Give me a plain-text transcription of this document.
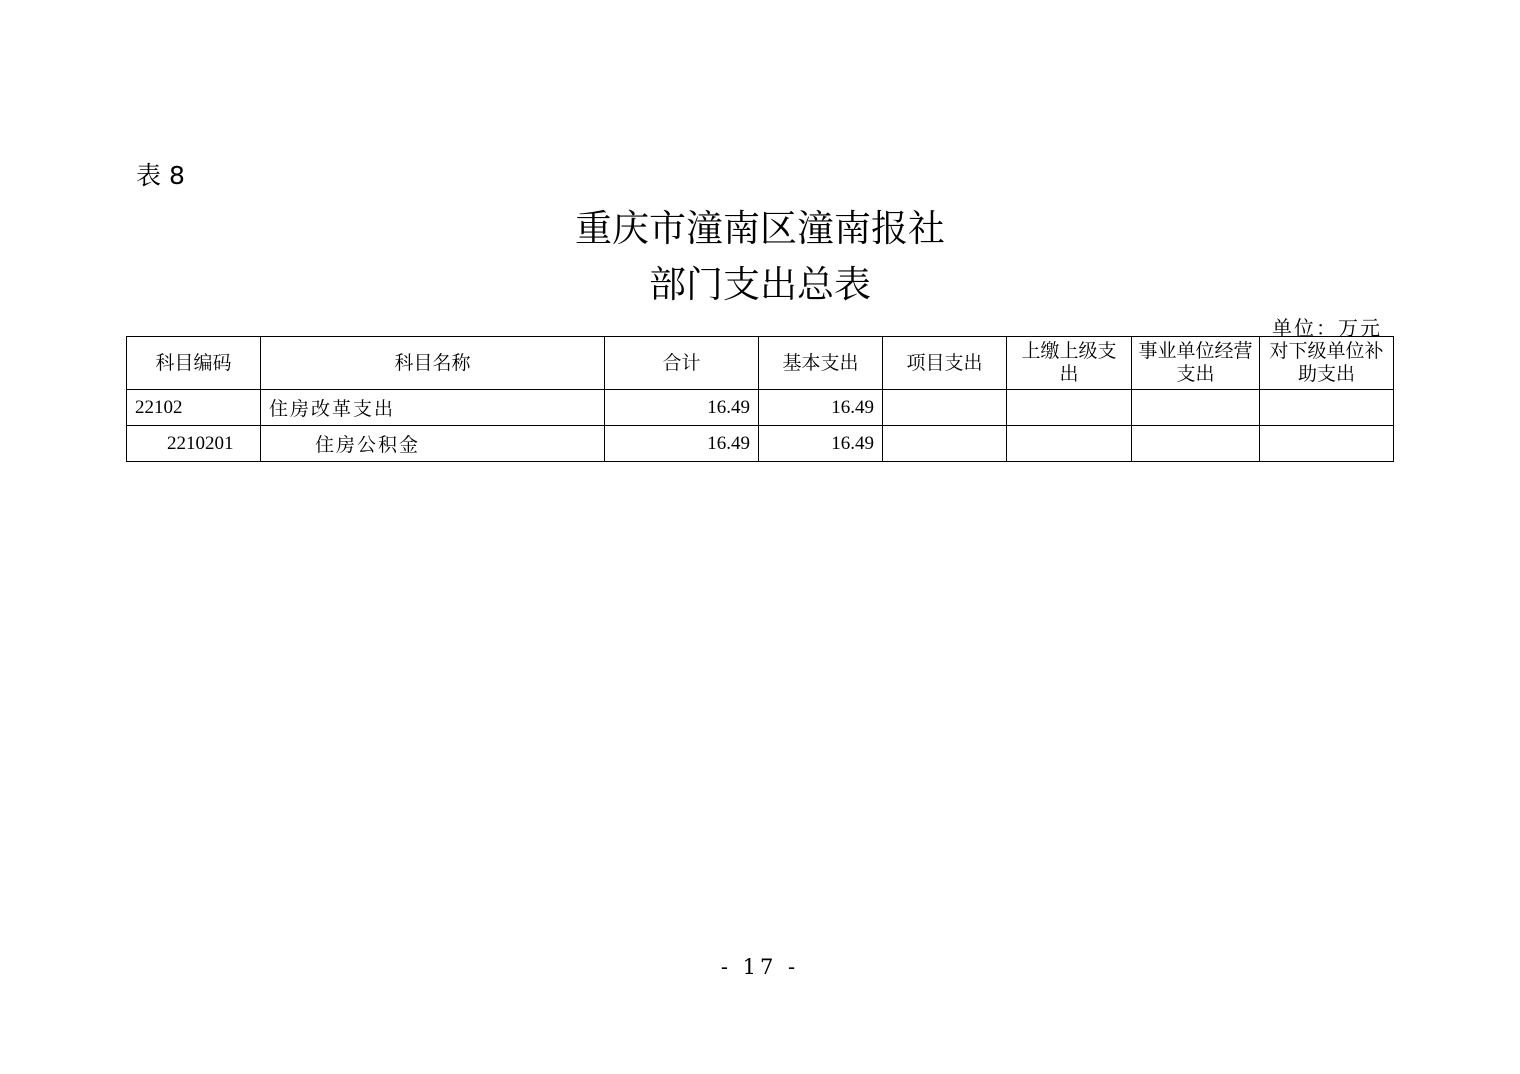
表 8
重庆市潼南区潼南报社
部门支出总表
单位：万元
科目编码	科目名称	合计	基本支出	项目支出	上缴上级支出	事业单位经营支出	对下级单位补助支出
22102	住房改革支出	16.49	16.49				
2210201	住房公积金	16.49	16.49				
- 17 -
